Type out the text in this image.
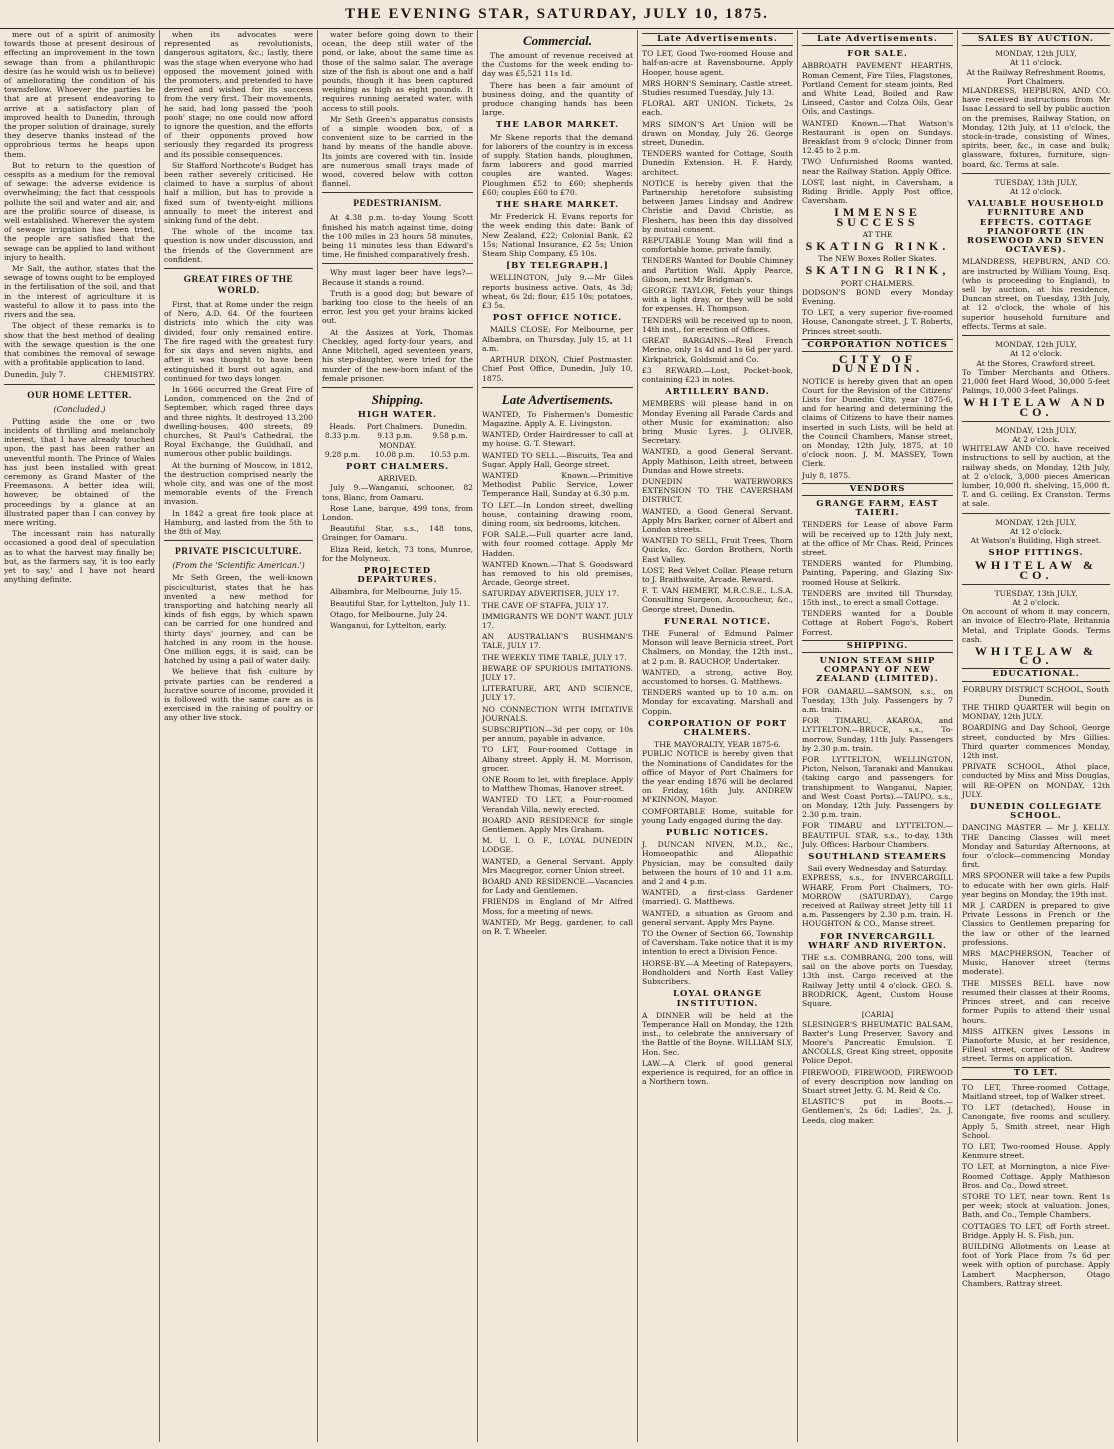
THE EVENING STAR, SATURDAY, JULY 10, 1875.

mere out of a spirit of animosity towards those at present desirous of effecting an improvement in the town sewage than from a philanthropic desire (as he would wish us to believe) of ameliorating the condition of his townsfellow. Whoever the parties be that are at present endeavoring to arrive at a satisfactory plan of improved health to Dunedin, through the proper solution of drainage, surely they deserve thanks instead of the opprobrious terms he heaps upon them.

But to return to the question of cesspits as a medium for the removal of sewage: the adverse evidence is overwhelming; the fact that cesspools pollute the soil and water and air, and are the prolific source of disease, is well established. Wherever the system of sewage irrigation has been tried, the people are satisfied that the sewage can be applied to land without injury to health.

Mr Salt, the author, states that the sewage of towns ought to be employed in the fertilisation of the soil, and that in the interest of agriculture it is wasteful to allow it to pass into the rivers and the sea.

The object of these remarks is to show that the best method of dealing with the sewage question is the one that combines the removal of sewage with a profitable application to land.

Dunedin, July 7.	CHEMISTRY.
OUR HOME LETTER.
(Concluded.)

Putting aside the one or two incidents of thrilling and melancholy interest, that I have already touched upon, the past has been rather an uneventful month. The Prince of Wales has just been installed with great ceremony as Grand Master of the Freemasons. A better idea will, however, be obtained of the proceedings by a glance at an illustrated paper than I can convey by mere writing.

The incessant rain has naturally occasioned a good deal of speculation as to what the harvest may finally be; but, as the farmers say, 'it is too early yet to say,' and I have not heard anything definite.

when its advocates were represented as revolutionists, dangerous agitators, &c.; lastly, there was the stage when everyone who had opposed the movement joined with the promoters, and pretended to have derived and wished for its success from the very first. Their movements, he said, had long passed the 'pooh pooh' stage; no one could now afford to ignore the question, and the efforts of their opponents proved how seriously they regarded its progress and its possible consequences.

Sir Stafford Northcote's Budget has been rather severely criticised. He claimed to have a surplus of about half a million, but has to provide a fixed sum of twenty-eight millions annually to meet the interest and sinking fund of the debt.

The whole of the income tax question is now under discussion, and the friends of the Government are confident.

GREAT FIRES OF THE WORLD.

First, that at Rome under the reign of Nero, A.D. 64. Of the fourteen districts into which the city was divided, four only remained entire. The fire raged with the greatest fury for six days and seven nights, and after it was thought to have been extinguished it burst out again, and continued for two days longer.

In 1666 occurred the Great Fire of London, commenced on the 2nd of September, which raged three days and three nights. It destroyed 13,200 dwelling-houses, 400 streets, 89 churches, St Paul's Cathedral, the Royal Exchange, the Guildhall, and numerous other public buildings.

At the burning of Moscow, in 1812, the destruction comprised nearly the whole city, and was one of the most memorable events of the French invasion.

In 1842 a great fire took place at Hamburg, and lasted from the 5th to the 8th of May.

PRIVATE PISCICULTURE.
(From the 'Scientific American.')

Mr Seth Green, the well-known pisciculturist, states that he has invented a new method for transporting and hatching nearly all kinds of fish eggs, by which spawn can be carried for one hundred and thirty days' journey, and can be hatched in any room in the house. One million eggs, it is said, can be hatched by using a pail of water daily.

We believe that fish culture by private parties can be rendered a lucrative source of income, provided it is followed with the same care as is exercised in the raising of poultry or any other live stock.

water before going down to their ocean, the deep still water of the pond, or lake, about the same time as those of the salmo salar. The average size of the fish is about one and a half pounds, though it has been captured weighing as high as eight pounds. It requires running aerated water, with access to still pools.

Mr Seth Green's apparatus consists of a simple wooden box, of a convenient size to be carried in the hand by means of the handle above. Its joints are covered with tin. Inside are numerous small trays made of wood, covered below with cotton flannel.

PEDESTRIANISM.

At 4.38 p.m. to-day Young Scott finished his match against time, doing the 100 miles in 23 hours 58 minutes, being 11 minutes less than Edward's time. He finished comparatively fresh.

Why must lager beer have legs?—Because it stands a round.

Truth is a good dog; but beware of barking too close to the heels of an error, lest you get your brains kicked out.

At the Assizes at York, Thomas Checkley, aged forty-four years, and Anne Mitchell, aged seventeen years, his step-daughter, were tried for the murder of the new-born infant of the female prisoner.

Shipping.
HIGH WATER.
Heads.	Port Chalmers.	Dunedin.
8.33 p.m.	9.13 p.m.	9.58 p.m.
MONDAY.		
9.28 p.m.	10.08 p.m.	10.53 p.m.
PORT CHALMERS.
ARRIVED.

July 9.—Wanganui, schooner, 82 tons, Blanc, from Oamaru.

Rose Lane, barque, 499 tons, from London.

Beautiful Star, s.s., 148 tons, Grainger, for Oamaru.

Eliza Reid, ketch, 73 tons, Munroe, for the Molyneux.

PROJECTED DEPARTURES.

Albambra, for Melbourne, July 15.

Beautiful Star, for Lyttelton, July 11.

Otago, for Melbourne, July 24.

Wanganui, for Lyttelton, early.

Commercial.

The amount of revenue received at the Customs for the week ending to-day was £5,521 11s 1d.

There has been a fair amount of business doing, and the quantity of produce changing hands has been large.

THE LABOR MARKET.

Mr Skene reports that the demand for laborers of the country is in excess of supply. Station hands, ploughmen, farm laborers and good married couples are wanted. Wages: Ploughmen £52 to £60; shepherds £60; couples £60 to £70.

THE SHARE MARKET.

Mr Frederick H. Evans reports for the week ending this date: Bank of New Zealand, £22; Colonial Bank, £2 15s; National Insurance, £2 5s; Union Steam Ship Company, £5 10s.

[BY TELEGRAPH.]

WELLINGTON, July 9.—Mr Giles reports business active. Oats, 4s 3d; wheat, 6s 2d; flour, £15 10s; potatoes, £3 5s.

POST OFFICE NOTICE.

MAILS CLOSE: For Melbourne, per Albambra, on Thursday, July 15, at 11 a.m.

ARTHUR DIXON, Chief Postmaster. Chief Post Office, Dunedin, July 10, 1875.

Late Advertisements.

WANTED, To Fishermen's Domestic Magazine. Apply A. E. Livingston.

WANTED, Order Hairdresser to call at my house. G. T. Stewart.

WANTED TO SELL.—Biscuits, Tea and Sugar. Apply Hall, George street.

WANTED Known.—Primitive Methodist Public Service, Lower Temperance Hall, Sunday at 6.30 p.m.

TO LET.—In London street, dwelling house, containing drawing room, dining room, six bedrooms, kitchen.

FOR SALE.—Full quarter acre land, with four roomed cottage. Apply Mr Hadden.

WANTED Known.—That S. Goodsward has removed to his old premises, Arcade, George street.

SATURDAY ADVERTISER, JULY 17.

THE CAVE OF STAFFA, JULY 17.

IMMIGRANTS WE DON'T WANT. JULY 17.

AN AUSTRALIAN'S BUSHMAN'S TALE, JULY 17.

THE WEEKLY TIME TABLE, JULY 17.

BEWARE OF SPURIOUS IMITATIONS. JULY 17.

LITERATURE, ART, AND SCIENCE, JULY 17.

NO CONNECTION WITH IMITATIVE JOURNALS.

SUBSCRIPTION—3d per copy, or 10s per annum, payable in advance.

TO LET, Four-roomed Cottage in Albany street. Apply H. M. Morrison, grocer.

ONE Room to let, with fireplace. Apply to Matthew Thomas, Hanover street.

WANTED TO LET, a Four-roomed Verandah Villa, newly erected.

BOARD AND RESIDENCE for single Gentlemen. Apply Mrs Graham.

M. U. I. O. F., LOYAL DUNEDIN LODGE.

WANTED, a General Servant. Apply Mrs Macgregor, corner Union street.

BOARD AND RESIDENCE.—Vacancies for Lady and Gentlemen.

FRIENDS in England of Mr Alfred Moss, for a meeting of news.

WANTED, Mr Begg, gardener, to call on R. T. Wheeler.

Late Advertisements.

TO LET, Good Two-roomed House and half-an-acre at Ravensbourne. Apply Hooper, house agent.

MRS HORN'S Seminary, Castle street. Studies resumed Tuesday, July 13.

FLORAL ART UNION. Tickets, 2s each.

MRS SIMON'S Art Union will be drawn on Monday, July 26. George street, Dunedin.

TENDERS wanted for Cottage, South Dunedin Extension. H. F. Hardy, architect.

NOTICE is hereby given that the Partnership heretofore subsisting between James Lindsay and Andrew Christie and David Christie, as Fleshers, has been this day dissolved by mutual consent.

REPUTABLE Young Man will find a comfortable home, private family.

TENDERS Wanted for Double Chimney and Partition Wall. Apply Pearce, Gibson, next Mr Bridgman's.

GEORGE TAYLOR, Fetch your things with a light dray, or they will be sold for expenses. H. Thompson.

TENDERS will be received up to noon, 14th inst., for erection of Offices.

GREAT BARGAINS.—Real French Merino, only 1s 4d and 1s 6d per yard. Kirkpatrick, Goldsmid and Co.

£3 REWARD.—Lost, Pocket-book, containing £23 in notes.

ARTILLERY BAND.

MEMBERS will please hand in on Monday Evening all Parade Cards and other Music for examination; also bring Music Lyres. J. OLIVER, Secretary.

WANTED, a good General Servant. Apply Mathison, Leith street, between Dundas and Howe streets.

DUNEDIN WATERWORKS EXTENSION TO THE CAVERSHAM DISTRICT.

WANTED, a Good General Servant. Apply Mrs Barker, corner of Albert and London streets.

WANTED TO SELL, Fruit Trees, Thorn Quicks, &c. Gordon Brothers, North East Valley.

LOST, Red Velvet Collar. Please return to J. Braithwaite, Arcade. Reward.

F. T. VAN HEMERT, M.R.C.S.E., L.S.A. Consulting Surgeon, Accoucheur, &c., George street, Dunedin.

FUNERAL NOTICE.

THE Funeral of Edmund Palmer Monson will leave Bernicia street, Port Chalmers, on Monday, the 12th inst., at 2 p.m. B. RAUCHOP, Undertaker.

WANTED, a strong, active Boy, accustomed to horses. G. Matthews.

TENDERS wanted up to 10 a.m. on Monday for excavating. Marshall and Coppin.

CORPORATION OF PORT CHALMERS.
THE MAYORALTY, YEAR 1875-6.

PUBLIC NOTICE is hereby given that the Nominations of Candidates for the office of Mayor of Port Chalmers for the year ending 1876 will be declared on Friday, 16th July. ANDREW M'KINNON, Mayor.

COMFORTABLE Home, suitable for young Lady engaged during the day.

PUBLIC NOTICES.

J. DUNCAN NIVEN, M.D., &c., Homoeopathic and Allopathic Physician, may be consulted daily between the hours of 10 and 11 a.m. and 2 and 4 p.m.

WANTED, a first-class Gardener (married). G. Matthews.

WANTED, a situation as Groom and general servant. Apply Mrs Payne.

TO the Owner of Section 66, Township of Caversham. Take notice that it is my intention to erect a Division Fence.

HORSE-BY.—A Meeting of Ratepayers, Bondholders and North East Valley Subscribers.

LOYAL ORANGE INSTITUTION.

A DINNER will be held at the Temperance Hall on Monday, the 12th inst., to celebrate the anniversary of the Battle of the Boyne. WILLIAM SLY, Hon. Sec.

LAW.—A Clerk of good general experience is required, for an office in a Northern town.

Late Advertisements.
FOR SALE.

ABBROATH PAVEMENT HEARTHS, Roman Cement, Fire Tiles, Flagstones, Portland Cement for steam joints, Red and White Lead, Boiled and Raw Linseed, Castor and Colza Oils, Gear Oils, and Castings.

WANTED Known.—That Watson's Restaurant is open on Sundays. Breakfast from 9 o'clock; Dinner from 12.45 to 2 p.m.

TWO Unfurnished Rooms wanted, near the Railway Station. Apply Office.

LOST, last night, in Caversham, a Riding Bridle. Apply Post office, Caversham.

IMMENSE SUCCESS
AT THE
SKATING RINK.
The NEW Boxes Roller Skates.
SKATING RINK,
PORT CHALMERS.

DODSON'S BOND every Monday Evening.

TO LET, a very superior five-roomed House, Canongate street. J. T. Roberts, Princes street south.

CORPORATION NOTICES
CITY OF DUNEDIN.

NOTICE is hereby given that an open Court for the Revision of the Citizens' Lists for Dunedin City, year 1875-6, and for hearing and determining the claims of Citizens to have their names inserted in such Lists, will be held at the Council Chambers, Manse street, on Monday, 12th July, 1875, at 10 o'clock noon. J. M. MASSEY, Town Clerk.

July 8, 1875.
VENDORS
GRANGE FARM, EAST TAIERI.

TENDERS for Lease of above Farm will be received up to 12th July next, at the office of Mr Chas. Reid, Princes street.

TENDERS wanted for Plumbing, Painting, Papering, and Glazing Six-roomed House at Selkirk.

TENDERS are invited till Thursday, 15th inst., to erect a small Cottage.

TENDERS wanted for a Double Cottage at Robert Fogo's, Robert Forrest.

SHIPPING.
UNION STEAM SHIP COMPANY OF NEW ZEALAND (LIMITED).

FOR OAMARU.—SAMSON, s.s., on Tuesday, 13th July. Passengers by 7 a.m. train.

FOR TIMARU, AKAROA, and LYTTELTON.—BRUCE, s.s., To-morrow, Sunday, 11th July. Passengers by 2.30 p.m. train.

FOR LYTTELTON, WELLINGTON, Picton, Nelson, Taranaki and Manukau (taking cargo and passengers for transhipment to Wanganui, Napier, and West Coast Ports).—TAUPO, s.s., on Monday, 12th July. Passengers by 2.30 p.m. train.

FOR TIMARU and LYTTELTON.—BEAUTIFUL STAR, s.s., to-day, 13th July. Offices: Harbour Chambers.

SOUTHLAND STEAMERS
Sail every Wednesday and Saturday.

EXPRESS, s.s., for INVERCARGILL WHARF, From Port Chalmers, TO-MORROW (SATURDAY), Cargo received at Railway street Jetty till 11 a.m. Passengers by 2.30 p.m. train. H. HOUGHTON & CO., Manse street.

FOR INVERCARGILL WHARF AND RIVERTON.

THE s.s. COMBRANG, 200 tons, will sail on the above ports on Tuesday, 13th inst. Cargo received at the Railway Jetty until 4 o'clock. GEO. S. BRODRICK, Agent, Custom House Square.

[CARIA]

SLESINGER'S RHEUMATIC BALSAM, Baxter's Lung Preserver, Savory and Moore's Pancreatic Emulsion. T. ANCOLLS, Great King street, opposite Police Depot.

FIREWOOD, FIREWOOD, FIREWOOD of every description now landing on Stuart street Jetty. G. M. Reid & Co.

ELASTIC'S put in Boots.—Gentlemen's, 2s 6d; Ladies', 2s. J. Leeds, clog maker.

SALES BY AUCTION.
MONDAY, 12th JULY,
At 11 o'clock.
At the Railway Refreshment Rooms, Port Chalmers.

MLANDRESS, HEPBURN, AND CO. have received instructions from Mr Isaac Lessard to sell by public auction on the premises, Railway Station, on Monday, 12th July, at 11 o'clock, the stock-in-trade, consisting of Wines, spirits, beer, &c., in case and bulk; glassware, fixtures, furniture, sign-board, &c. Terms at sale.

TUESDAY, 13th JULY,
At 12 o'clock.
VALUABLE HOUSEHOLD FURNITURE AND EFFECTS. COTTAGE PIANOFORTE (IN ROSEWOOD AND SEVEN OCTAVES).

MLANDRESS, HEPBURN, AND CO. are instructed by William Young, Esq. (who is proceeding to England), to sell by auction, at his residence, Duncan street, on Tuesday, 13th July, at 12 o'clock, the whole of his superior household furniture and effects. Terms at sale.

MONDAY, 12th JULY,
At 12 o'clock.
At the Stores, Crawford street.

To Timber Merchants and Others. 21,000 feet Hard Wood, 30,000 5-feet Palings, 10,000 3-feet Palings.

WHITELAW AND CO.
MONDAY, 12th JULY,
At 2 o'clock.

WHITELAW AND CO. have received instructions to sell by auction, at the railway sheds, on Monday, 12th July, at 2 o'clock, 3,000 pieces American lumber, 10,000 ft. shelving, 15,000 ft. T. and G. ceiling. Ex Cranston. Terms at sale.

MONDAY, 12th JULY,
At 12 o'clock.
At Watson's Building, High street.
SHOP FITTINGS.
WHITELAW & CO.
TUESDAY, 13th JULY,
At 2 o'clock.

On account of whom it may concern, an invoice of Electro-Plate, Britannia Metal, and Triplate Goods. Terms cash.

WHITELAW & CO.
EDUCATIONAL.
FORBURY DISTRICT SCHOOL, South Dunedin.

THE THIRD QUARTER will begin on MONDAY, 12th JULY.

BOARDING and Day School, George street, conducted by Mrs Gillies. Third quarter commences Monday, 12th inst.

PRIVATE SCHOOL, Athol place, conducted by Miss and Miss Douglas, will RE-OPEN on MONDAY, 12th JULY.

DUNEDIN COLLEGIATE SCHOOL.

DANCING MASTER — Mr J. KELLY. THE Dancing Classes will meet Monday and Saturday Afternoons, at four o'clock—commencing Monday first.

MRS SPOONER will take a few Pupils to educate with her own girls. Half-year begins on Monday, the 19th inst.

MR J. CARDEN is prepared to give Private Lessons in French or the Classics to Gentlemen preparing for the law or other of the learned professions.

MRS MACPHERSON, Teacher of Music, Hanover street (terms moderate).

THE MISSES BELL have now resumed their classes at their Rooms, Princes street, and can receive former Pupils to attend their usual hours.

MISS AITKEN gives Lessons in Pianoforte Music, at her residence, Filleul street, corner of St. Andrew street. Terms on application.

TO LET.

TO LET, Three-roomed Cottage, Maitland street, top of Walker street.

TO LET (detached), House in Canongate, five rooms and scullery. Apply 5, Smith street, near High School.

TO LET, Two-roomed House. Apply Kenmure street.

TO LET, at Mornington, a nice Five-Roomed Cottage. Apply Mathieson Bros. and Co., Dowd street.

STORE TO LET, near town. Rent 1s per week; stock at valuation. Jones, Bath, and Co., Temple Chambers.

COTTAGES TO LET, off Forth street. Bridge. Apply H. S. Fish, jun.

BUILDING Allotments on Lease at foot of York Place from 7s 6d per week with option of purchase. Apply Lambert Macpherson, Otago Chambers, Rattray street.
